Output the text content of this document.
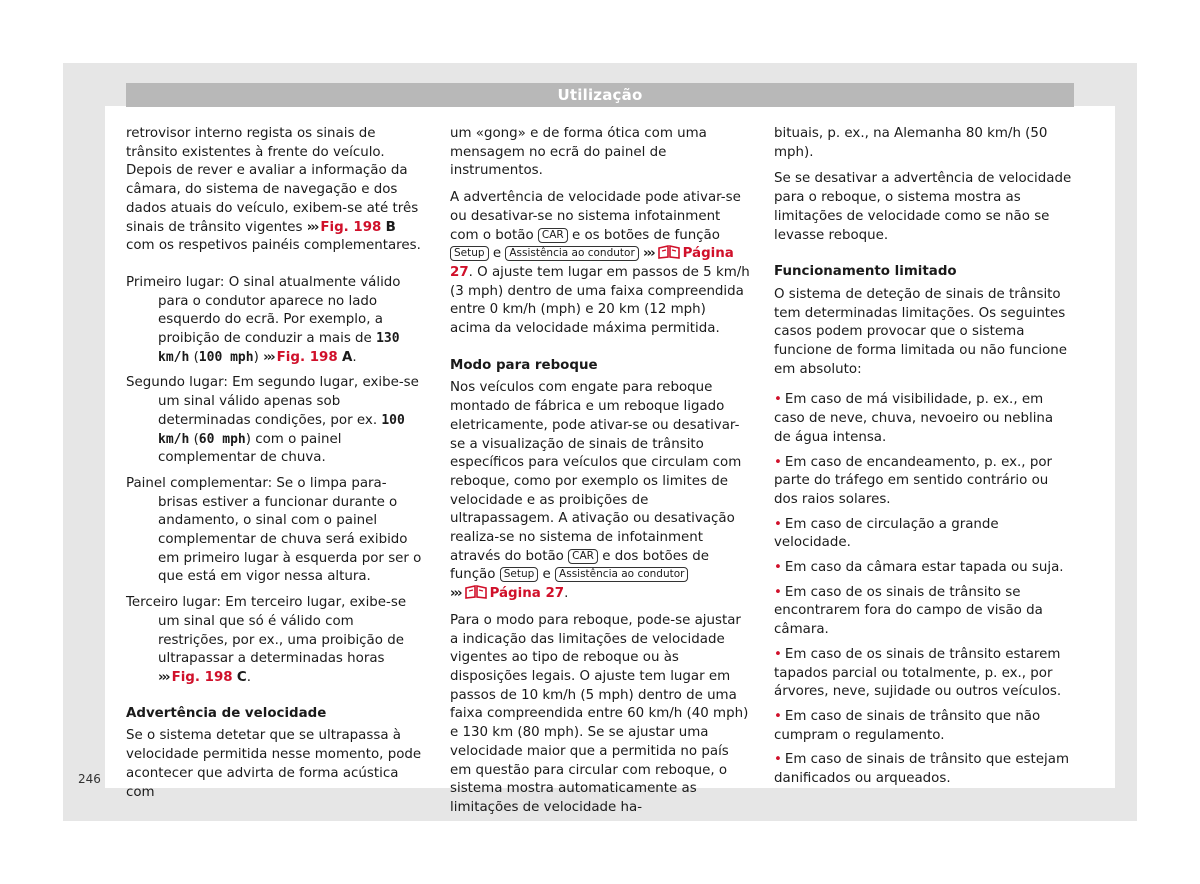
Utilização

retrovisor interno regista os sinais de trânsito existentes à frente do veículo. Depois de rever e avaliar a informação da câmara, do sistema de navegação e dos dados atuais do veículo, exibem-se até três sinais de trânsito vigentes ››› Fig. 198 B com os respetivos painéis complementares.

Primeiro lugar: O sinal atualmente válido para o condutor aparece no lado esquerdo do ecrã. Por exemplo, a proibição de conduzir a mais de 130 km/h (100 mph) ››› Fig. 198 A.
Segundo lugar: Em segundo lugar, exibe-se um sinal válido apenas sob determinadas condições, por ex. 100 km/h (60 mph) com o painel complementar de chuva.
Painel complementar: Se o limpa para-brisas estiver a funcionar durante o andamento, o sinal com o painel complementar de chuva será exibido em primeiro lugar à esquerda por ser o que está em vigor nessa altura.
Terceiro lugar: Em terceiro lugar, exibe-se um sinal que só é válido com restrições, por ex., uma proibição de ultrapassar a determinadas horas ››› Fig. 198 C.
Advertência de velocidade

Se o sistema detetar que se ultrapassa à velocidade permitida nesse momento, pode acontecer que advirta de forma acústica com

um «gong» e de forma ótica com uma mensagem no ecrã do painel de instrumentos.

A advertência de velocidade pode ativar-se ou desativar-se no sistema infotainment com o botão CAR e os botões de função Setup e Assistência ao condutor ››› Página 27. O ajuste tem lugar em passos de 5 km/h (3 mph) dentro de uma faixa compreendida entre 0 km/h (mph) e 20 km (12 mph) acima da velocidade máxima permitida.

Modo para reboque

Nos veículos com engate para reboque montado de fábrica e um reboque ligado eletricamente, pode ativar-se ou desativar-se a visualização de sinais de trânsito específicos para veículos que circulam com reboque, como por exemplo os limites de velocidade e as proibições de ultrapassagem. A ativação ou desativação realiza-se no sistema de infotainment através do botão CAR e dos botões de função Setup e Assistência ao condutor
››› Página 27.

Para o modo para reboque, pode-se ajustar a indicação das limitações de velocidade vigentes ao tipo de reboque ou às disposições legais. O ajuste tem lugar em passos de 10 km/h (5 mph) dentro de uma faixa compreendida entre 60 km/h (40 mph) e 130 km (80 mph). Se se ajustar uma velocidade maior que a permitida no país em questão para circular com reboque, o sistema mostra automaticamente as limitações de velocidade ha-

bituais, p. ex., na Alemanha 80 km/h (50 mph).

Se se desativar a advertência de velocidade para o reboque, o sistema mostra as limitações de velocidade como se não se levasse reboque.

Funcionamento limitado

O sistema de deteção de sinais de trânsito tem determinadas limitações. Os seguintes casos podem provocar que o sistema funcione de forma limitada ou não funcione em absoluto:

• Em caso de má visibilidade, p. ex., em caso de neve, chuva, nevoeiro ou neblina de água intensa.
• Em caso de encandeamento, p. ex., por parte do tráfego em sentido contrário ou dos raios solares.
• Em caso de circulação a grande velocidade.
• Em caso da câmara estar tapada ou suja.
• Em caso de os sinais de trânsito se encontrarem fora do campo de visão da câmara.
• Em caso de os sinais de trânsito estarem tapados parcial ou totalmente, p. ex., por árvores, neve, sujidade ou outros veículos.
• Em caso de sinais de trânsito que não cumpram o regulamento.
• Em caso de sinais de trânsito que estejam danificados ou arqueados.
246
